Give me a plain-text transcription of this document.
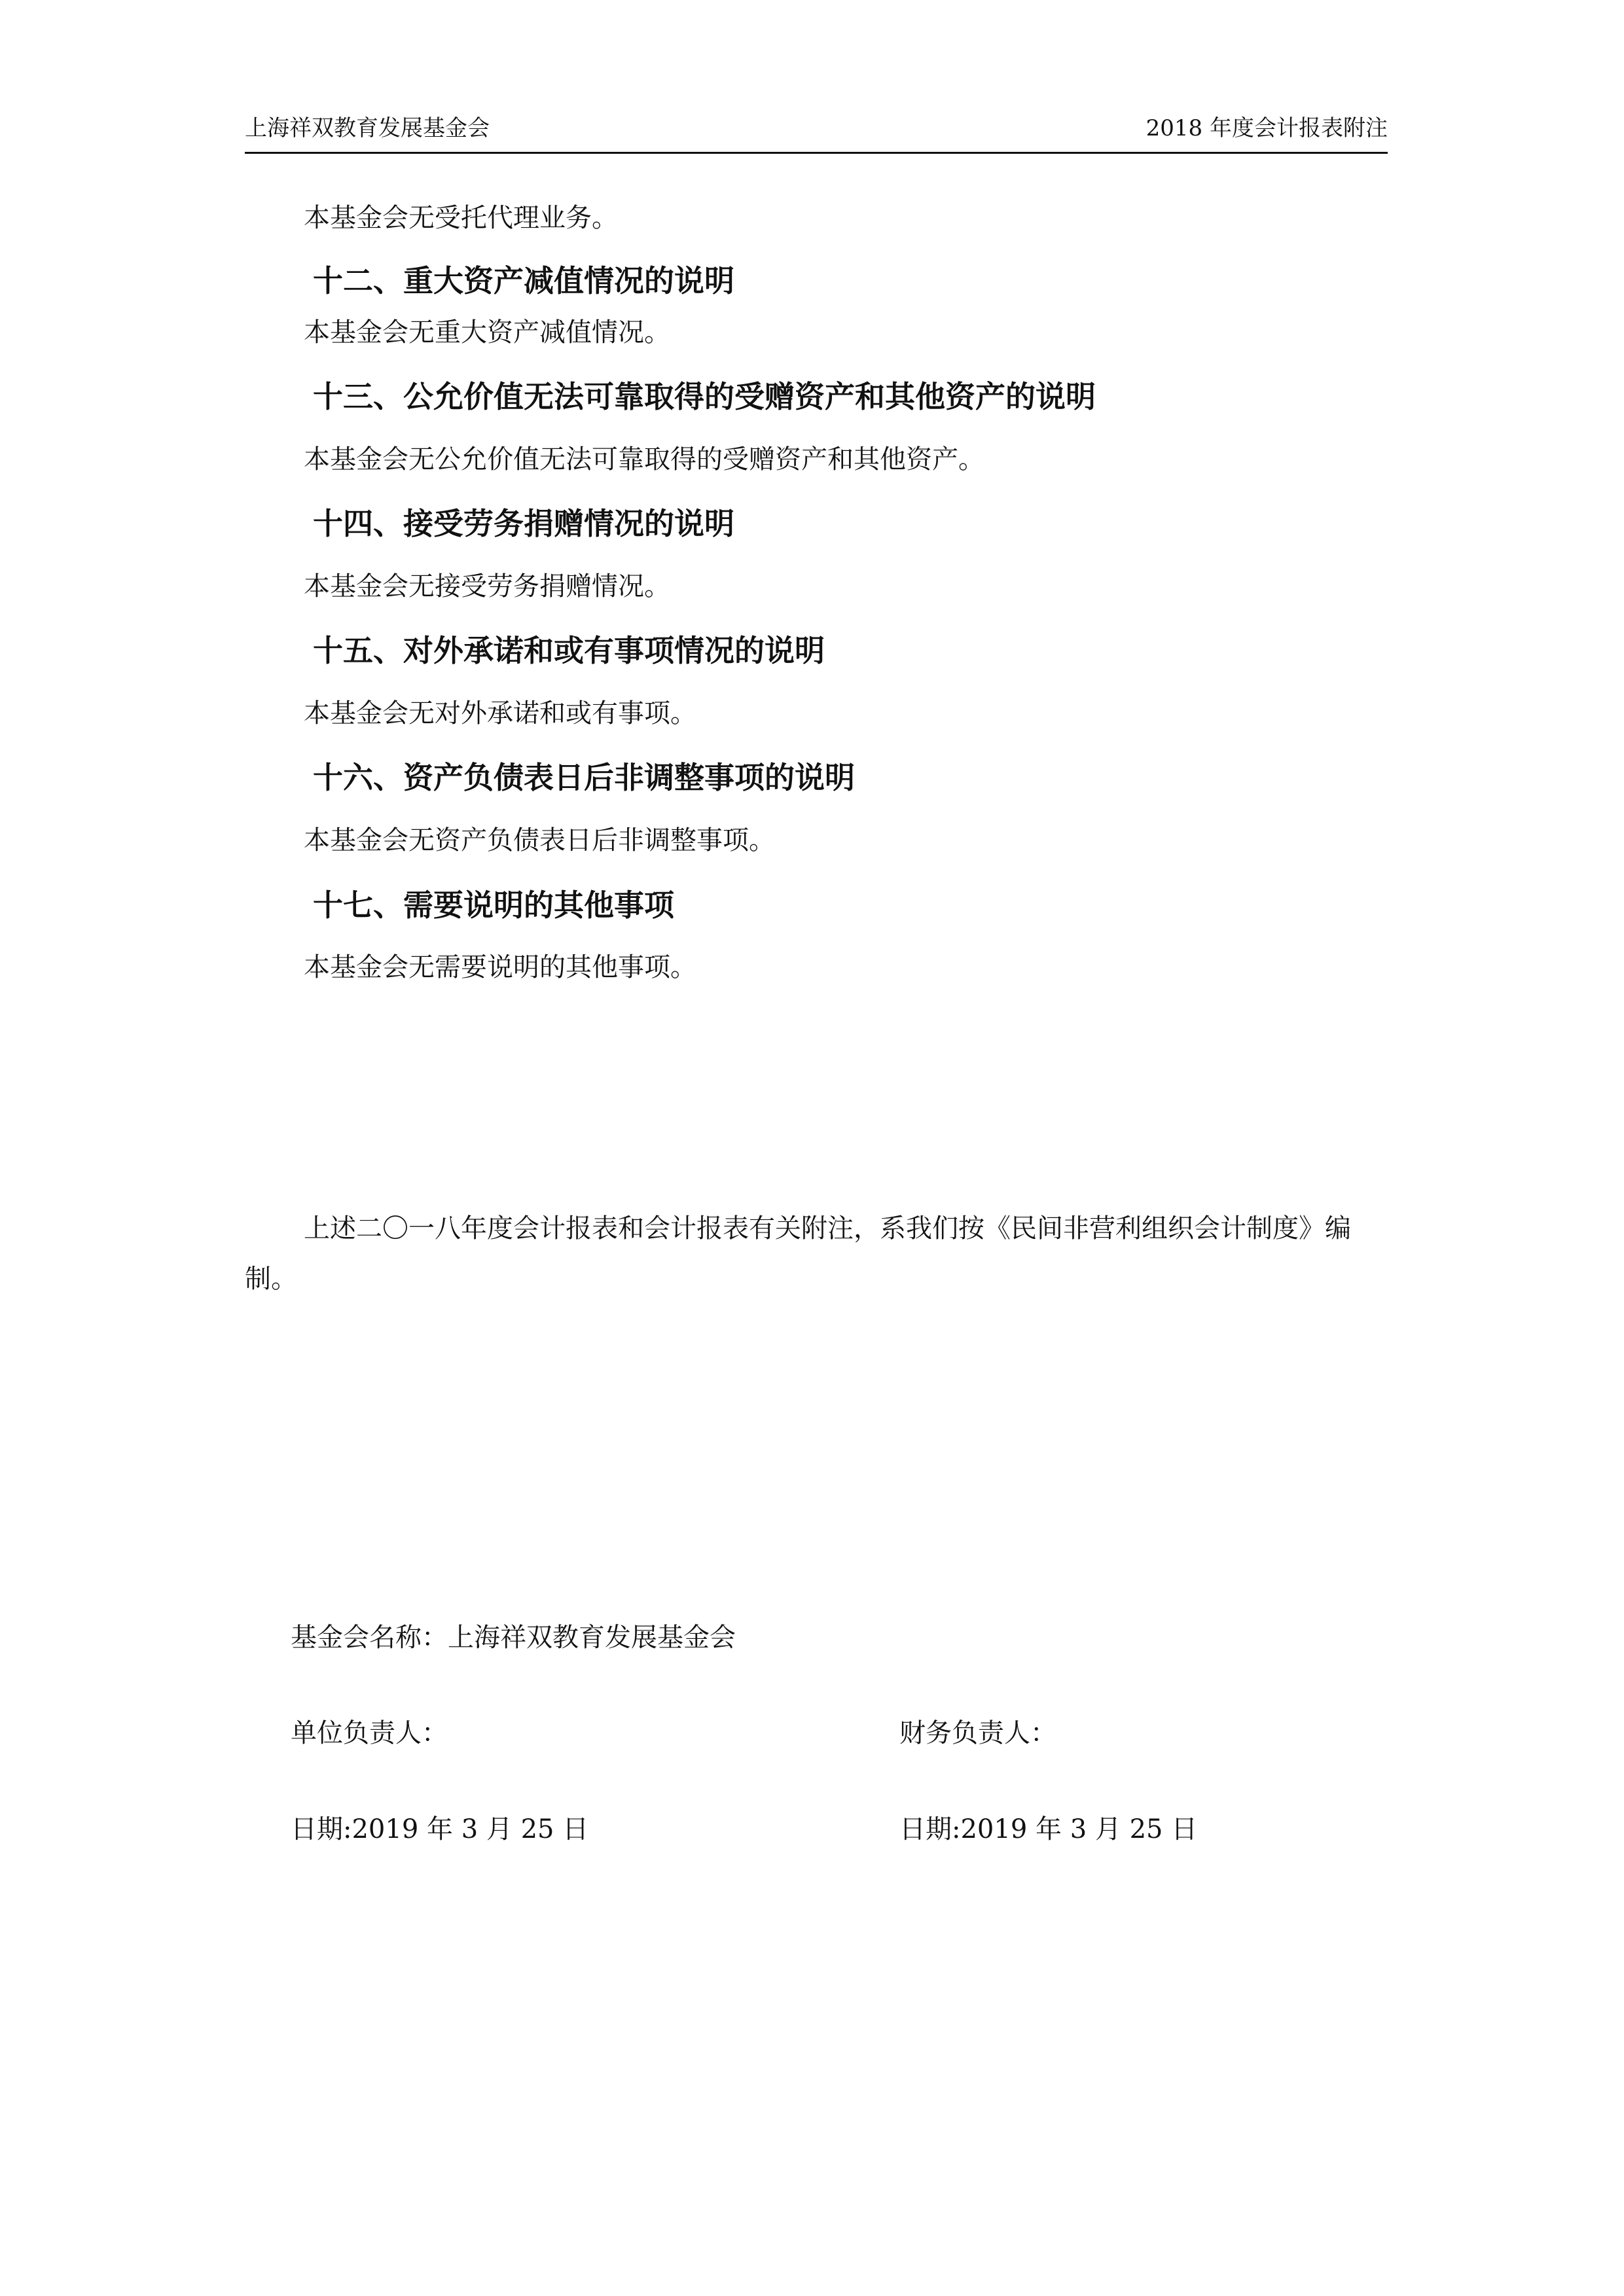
上海祥双教育发展基金会	2018 年度会计报表附注
本基金会无受托代理业务。
十二、重大资产减值情况的说明
本基金会无重大资产减值情况。
十三、公允价值无法可靠取得的受赠资产和其他资产的说明
本基金会无公允价值无法可靠取得的受赠资产和其他资产。
十四、接受劳务捐赠情况的说明
本基金会无接受劳务捐赠情况。
十五、对外承诺和或有事项情况的说明
本基金会无对外承诺和或有事项。
十六、资产负债表日后非调整事项的说明
本基金会无资产负债表日后非调整事项。
十七、需要说明的其他事项
本基金会无需要说明的其他事项。
上述二〇一八年度会计报表和会计报表有关附注，系我们按《民间非营利组织会计制度》编制。
基金会名称：上海祥双教育发展基金会
单位负责人：	财务负责人：
日期:2019 年 3 月 25 日	日期:2019 年 3 月 25 日
